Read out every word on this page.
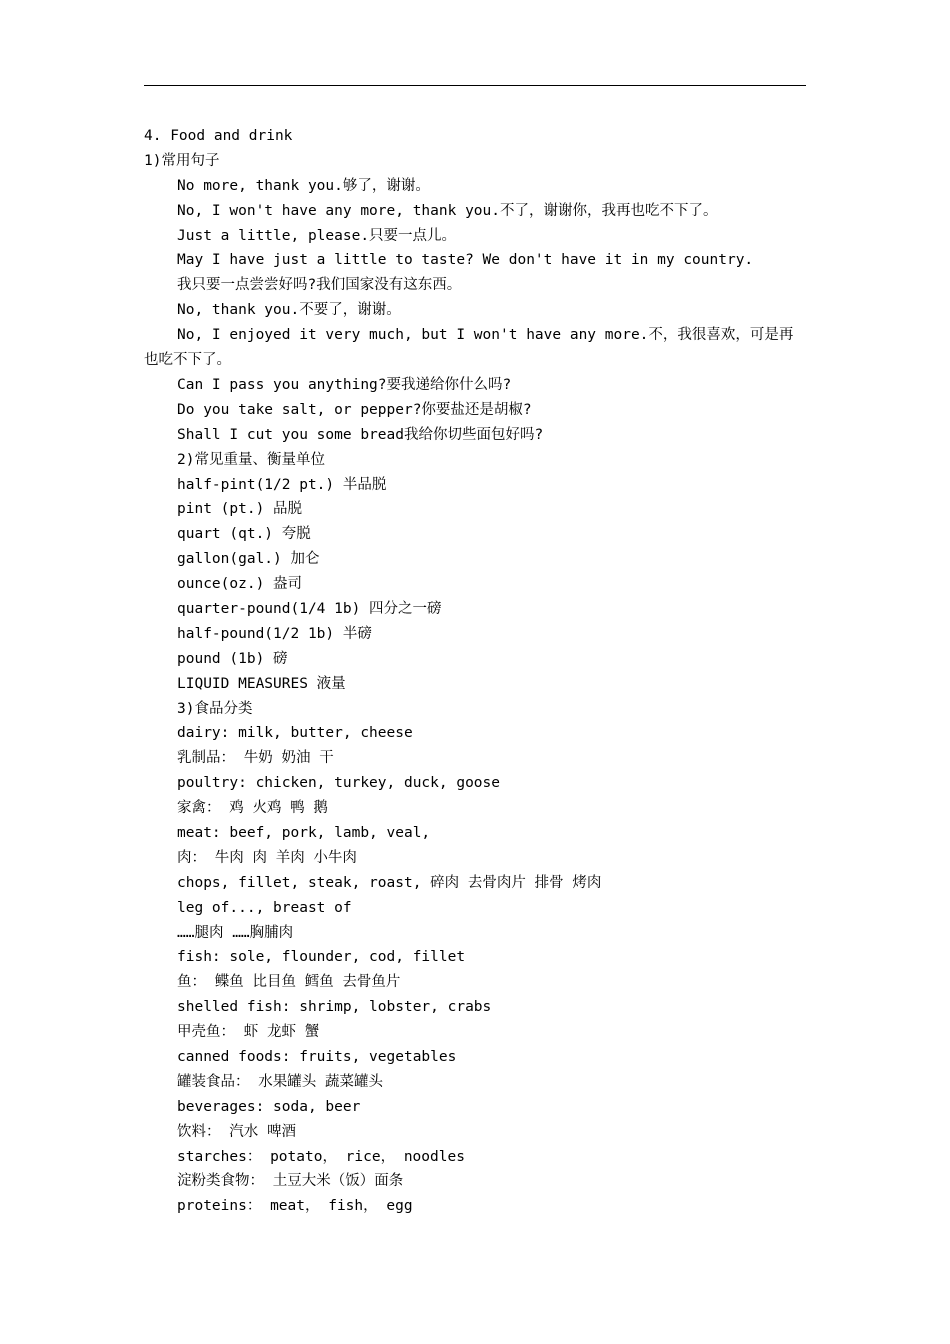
4. Food and drink
1)常用句子
No more, thank you.够了，谢谢。
No, I won't have any more, thank you.不了，谢谢你，我再也吃不下了。
Just a little, please.只要一点儿。
May I have just a little to taste? We don't have it in my country.
我只要一点尝尝好吗?我们国家没有这东西。
No, thank you.不要了，谢谢。
No, I enjoyed it very much, but I won't have any more.不，我很喜欢，可是再也吃不下了。
Can I pass you anything?要我递给你什么吗?
Do you take salt, or pepper?你要盐还是胡椒?
Shall I cut you some bread我给你切些面包好吗?
2)常见重量、衡量单位
half-pint(1/2 pt.) 半品脱
pint (pt.) 品脱
quart (qt.) 夸脱
gallon(gal.) 加仑
ounce(oz.) 盎司
quarter-pound(1/4 1b) 四分之一磅
half-pound(1/2 1b) 半磅
pound (1b) 磅
LIQUID MEASURES 液量
3)食品分类
dairy: milk, butter, cheese
乳制品： 牛奶 奶油 干
poultry: chicken, turkey, duck, goose
家禽： 鸡 火鸡 鸭 鹅
meat: beef, pork, lamb, veal,
肉： 牛肉 肉 羊肉 小牛肉
chops, fillet, steak, roast, 碎肉 去骨肉片 排骨 烤肉
leg of..., breast of
……腿肉 ……胸脯肉
fish: sole, flounder, cod, fillet
鱼： 鲽鱼 比目鱼 鳕鱼 去骨鱼片
shelled fish: shrimp, lobster, crabs
甲壳鱼： 虾 龙虾 蟹
canned foods: fruits, vegetables
罐装食品： 水果罐头 蔬菜罐头
beverages: soda, beer
饮料： 汽水 啤酒
starches： potato， rice， noodles
淀粉类食物： 土豆大米（饭）面条
proteins： meat， fish， egg
